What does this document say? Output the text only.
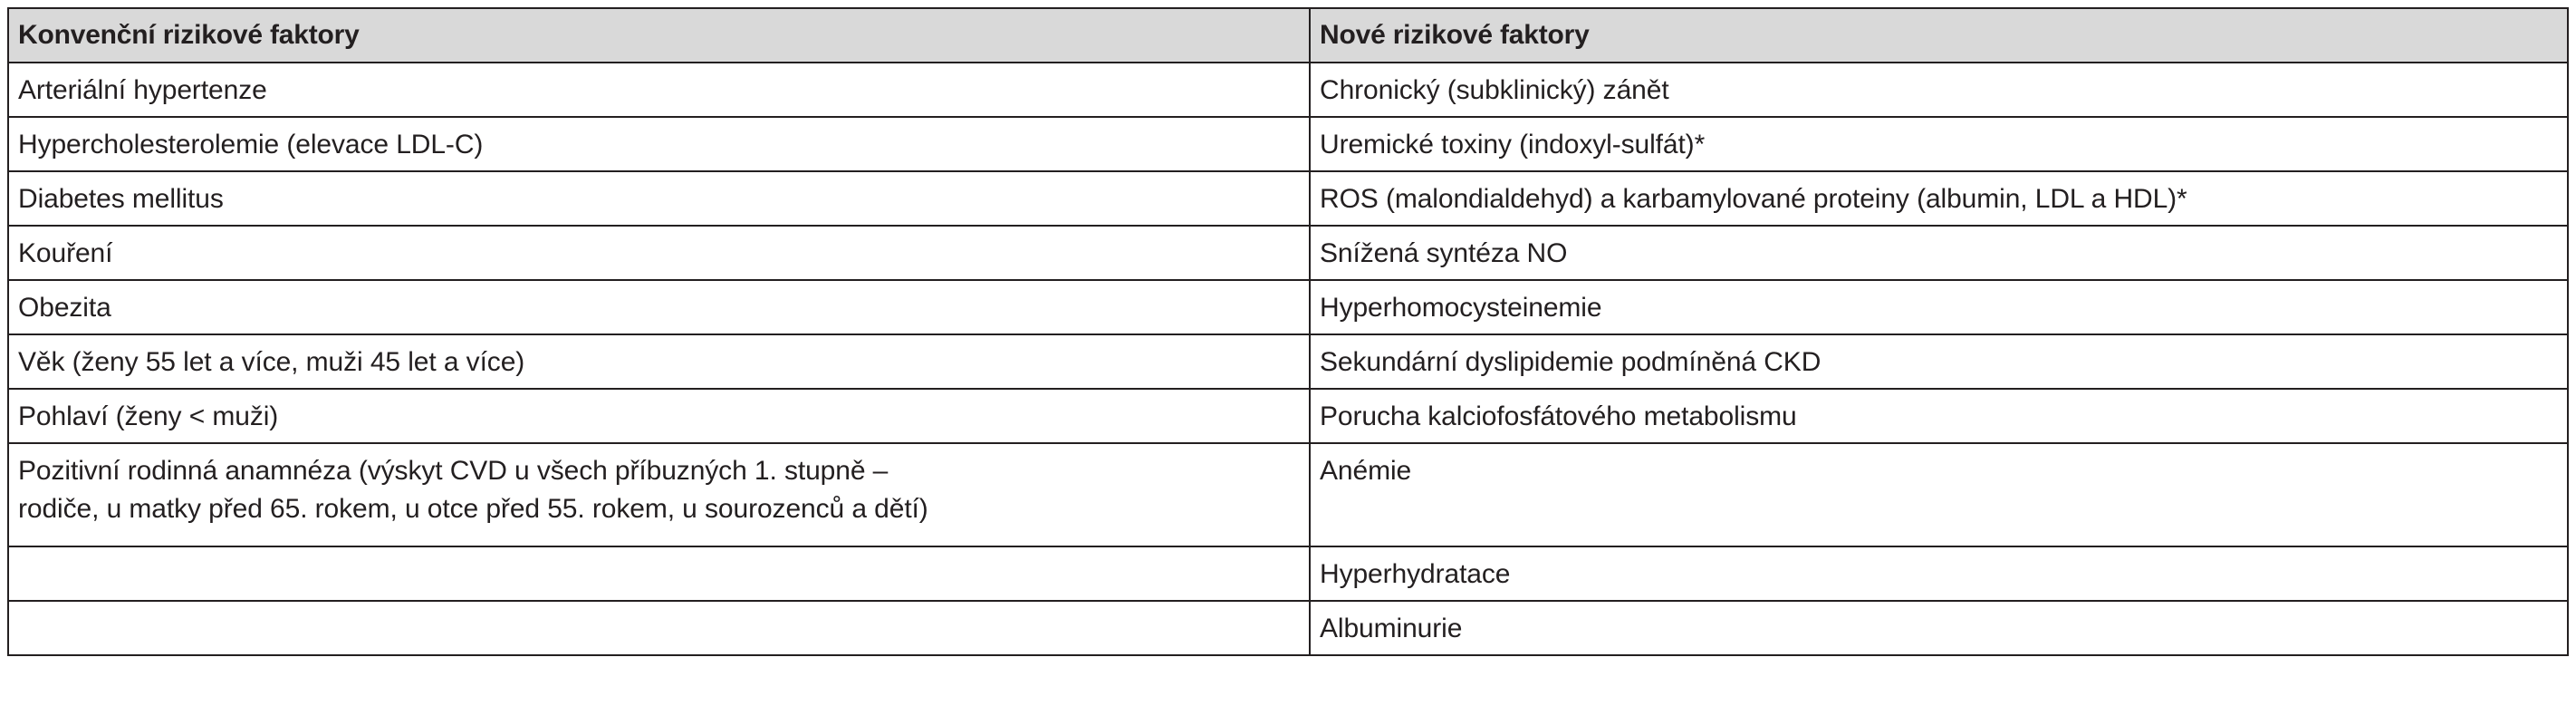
Konvenční rizikové faktory	Nové rizikové faktory

Arteriální hypertenze	Chronický (subklinický) zánět

Hypercholesterolemie (elevace LDL-C)	Uremické toxiny (indoxyl-sulfát)*

Diabetes mellitus	ROS (malondialdehyd) a karbamylované proteiny (albumin, LDL a HDL)*

Kouření	Snížená syntéza NO

Obezita	Hyperhomocysteinemie

Věk (ženy 55 let a více, muži 45 let a více)	Sekundární dyslipidemie podmíněná CKD

Pohlaví (ženy < muži)	Porucha kalciofosfátového metabolismu

Pozitivní rodinná anamnéza (výskyt CVD u všech příbuzných 1. stupně –
rodiče, u matky před 65. rokem, u otce před 55. rokem, u sourozenců a dětí)	Anémie

	Hyperhydratace

	Albuminurie
